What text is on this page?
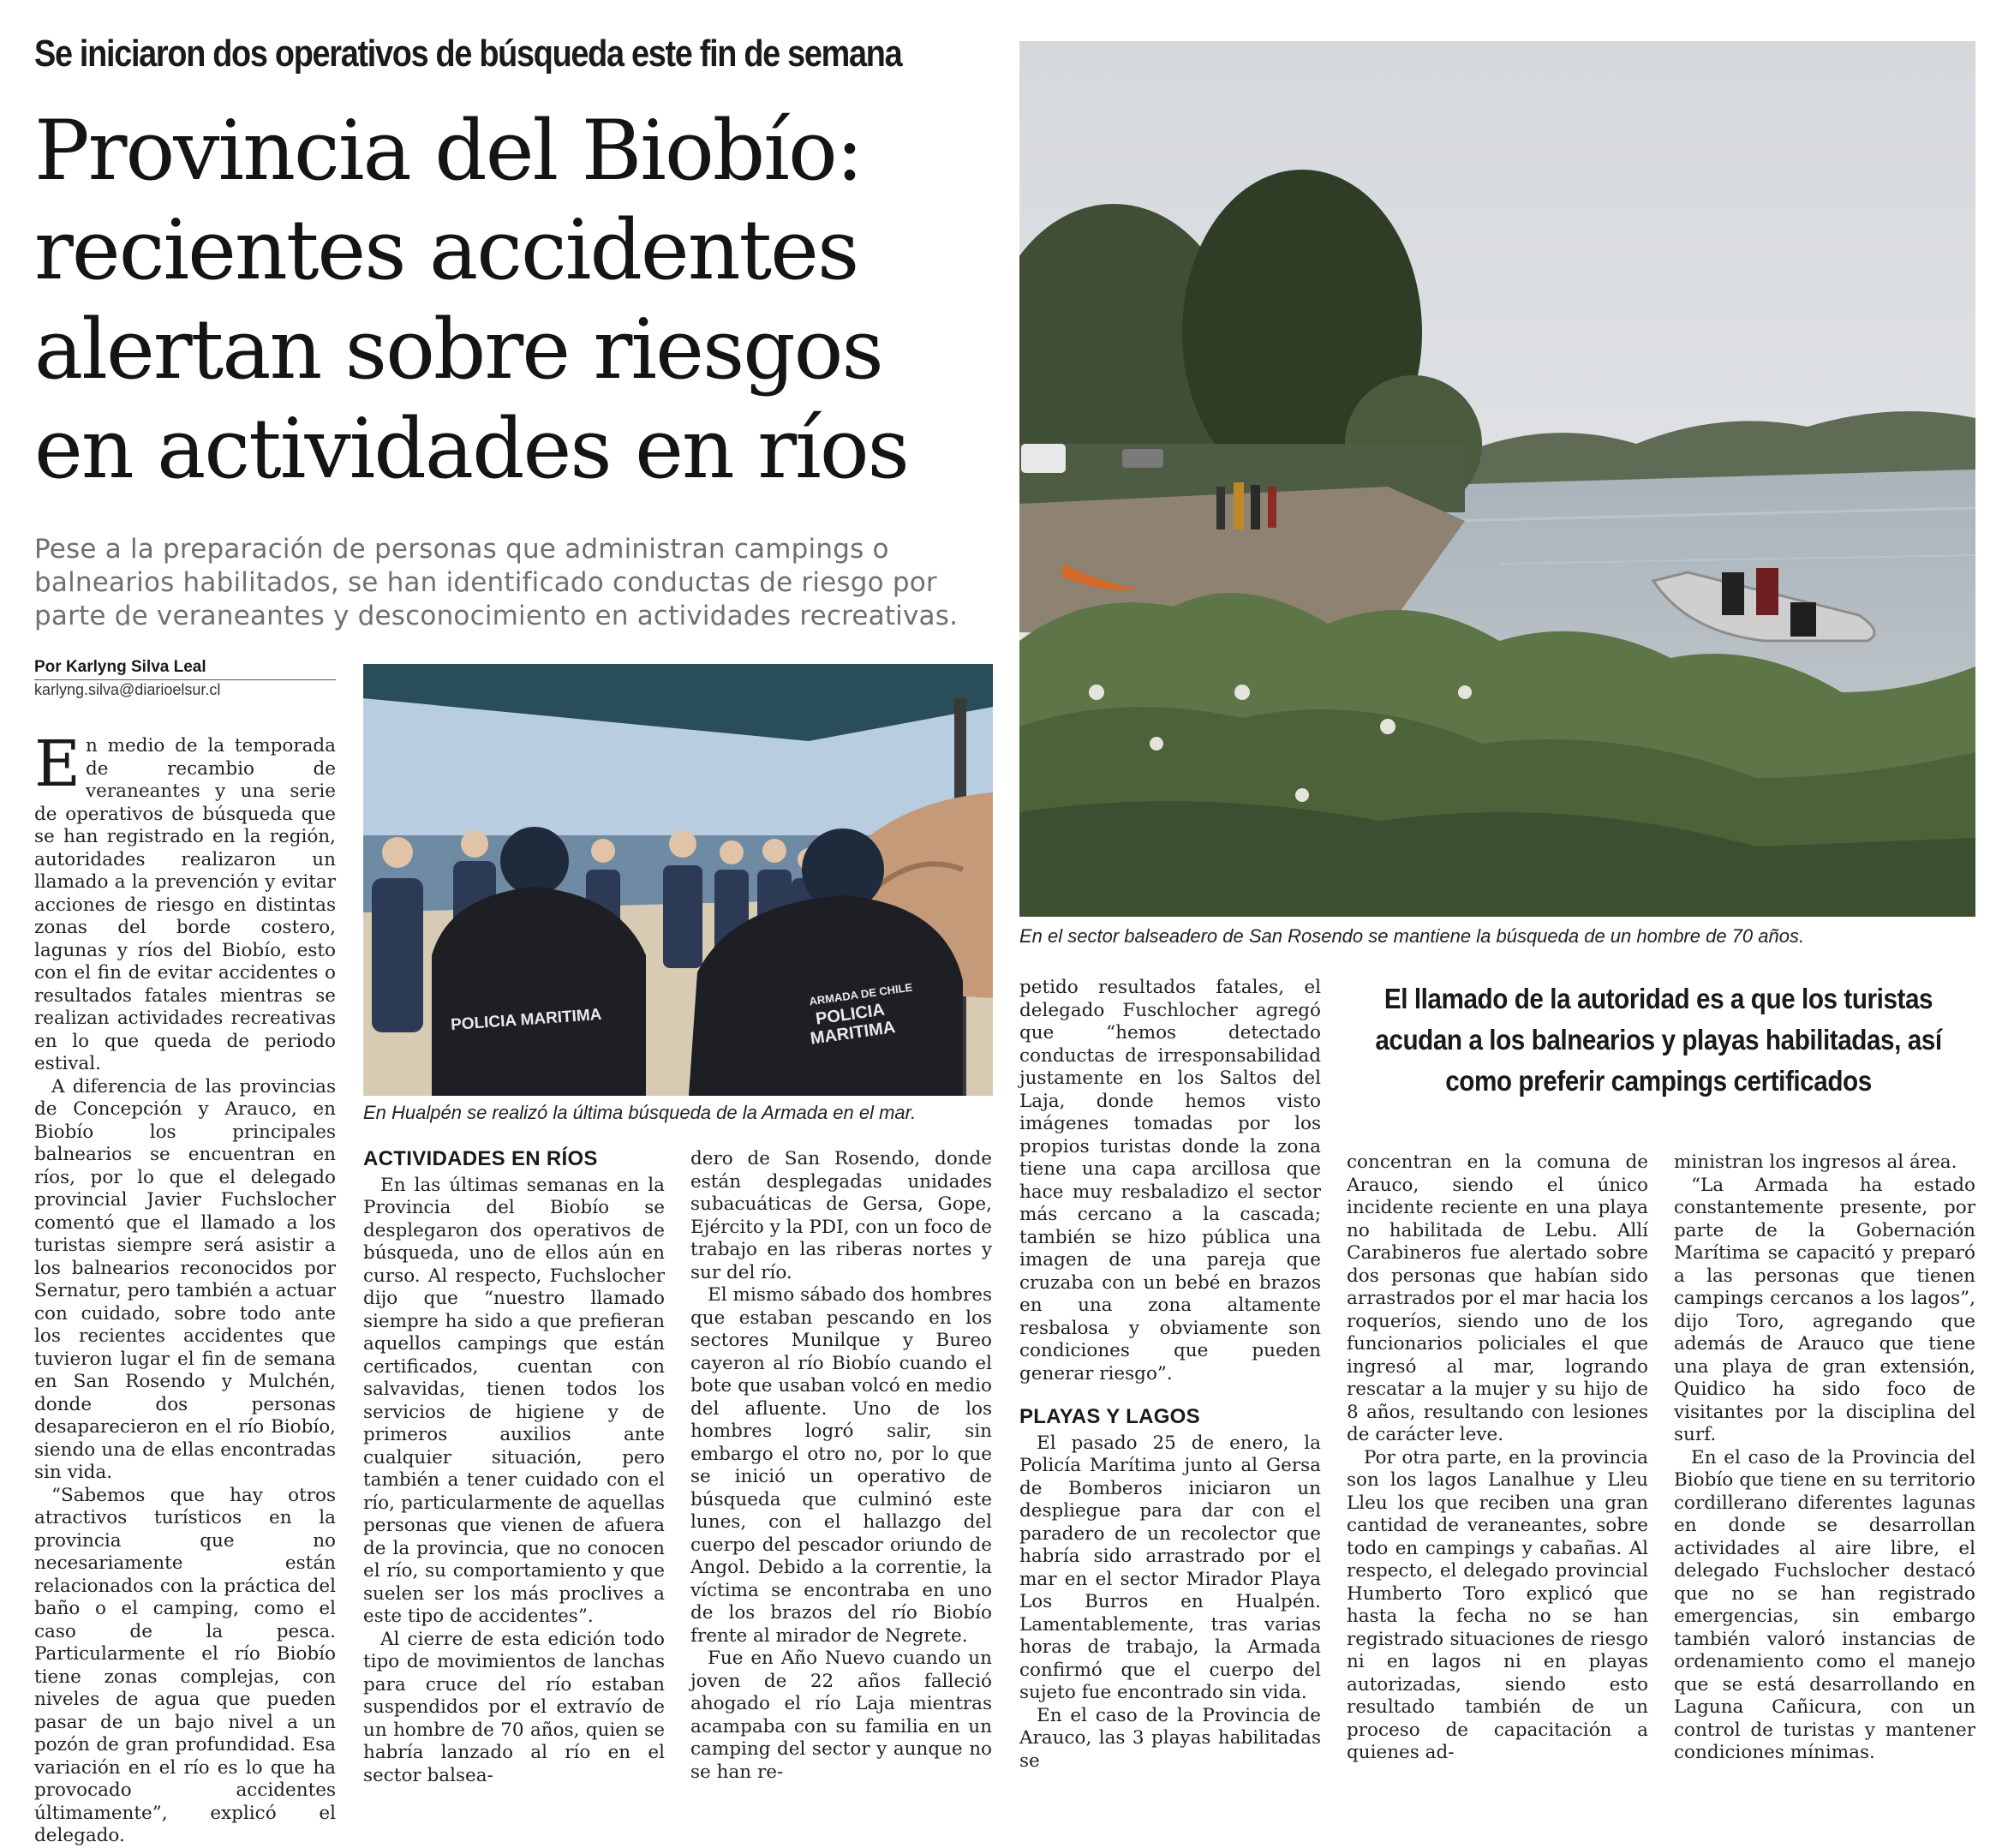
Se iniciaron dos operativos de búsqueda este fin de semana
Provincia del Biobío:
recientes accidentes
alertan sobre riesgos
en actividades en ríos
Pese a la preparación de personas que administran campings o balnearios habilitados, se han identificado conductas de riesgo por parte de veraneantes y desconocimiento en actividades recreativas.
Por Karlyng Silva Leal
karlyng.silva@diarioelsur.cl
En el sector balseadero de San Rosendo se mantiene la búsqueda de un hombre de 70 años.
POLICIA MARITIMA
ARMADA DE CHILE
POLICIA MARITIMA
En Hualpén se realizó la última búsqueda de la Armada en el mar.
El llamado de la autoridad es a que los turistas acudan a los balnearios y playas habilitadas, así como preferir campings certificados

En medio de la temporada de recambio de veraneantes y una serie de operativos de búsqueda que se han registrado en la región, autoridades realizaron un llamado a la prevención y evitar acciones de riesgo en distintas zonas del borde costero, lagunas y ríos del Biobío, esto con el fin de evitar accidentes o resultados fatales mientras se realizan actividades recreativas en lo que queda de periodo estival.

A diferencia de las provincias de Concepción y Arauco, en Biobío los principales balnearios se encuentran en ríos, por lo que el delegado provincial Javier Fuchslocher comentó que el llamado a los turistas siempre será asistir a los balnearios reconocidos por Sernatur, pero también a actuar con cuidado, sobre todo ante los recientes accidentes que tuvieron lugar el fin de semana en San Rosendo y Mulchén, donde dos personas desaparecieron en el río Biobío, siendo una de ellas encontradas sin vida.

“Sabemos que hay otros atractivos turísticos en la provincia que no necesariamente están relacionados con la práctica del baño o el camping, como el caso de la pesca. Particularmente el río Biobío tiene zonas complejas, con niveles de agua que pueden pasar de un bajo nivel a un pozón de gran profundidad. Esa variación en el río es lo que ha provocado accidentes últimamente”, explicó el delegado.

ACTIVIDADES EN RÍOS

En las últimas semanas en la Provincia del Biobío se desplegaron dos operativos de búsqueda, uno de ellos aún en curso. Al respecto, Fuchslocher dijo que “nuestro llamado siempre ha sido a que prefieran aquellos campings que están certificados, cuentan con salvavidas, tienen todos los servicios de higiene y de primeros auxilios ante cualquier situación, pero también a tener cuidado con el río, particularmente de aquellas personas que vienen de afuera de la provincia, que no conocen el río, su comportamiento y que suelen ser los más proclives a este tipo de accidentes”.

Al cierre de esta edición todo tipo de movimientos de lanchas para cruce del río estaban suspendidos por el extravío de un hombre de 70 años, quien se habría lanzado al río en el sector balsea-

dero de San Rosendo, donde están desplegadas unidades subacuáticas de Gersa, Gope, Ejército y la PDI, con un foco de trabajo en las riberas nortes y sur del río.

El mismo sábado dos hombres que estaban pescando en los sectores Munilque y Bureo cayeron al río Biobío cuando el bote que usaban volcó en medio del afluente. Uno de los hombres logró salir, sin embargo el otro no, por lo que se inició un operativo de búsqueda que culminó este lunes, con el hallazgo del cuerpo del pescador oriundo de Angol. Debido a la correntie, la víctima se encontraba en uno de los brazos del río Biobío frente al mirador de Negrete.

Fue en Año Nuevo cuando un joven de 22 años falleció ahogado el río Laja mientras acampaba con su familia en un camping del sector y aunque no se han re-

petido resultados fatales, el delegado Fuschlocher agregó que “hemos detectado conductas de irresponsabilidad justamente en los Saltos del Laja, donde hemos visto imágenes tomadas por los propios turistas donde la zona tiene una capa arcillosa que hace muy resbaladizo el sector más cercano a la cascada; también se hizo pública una imagen de una pareja que cruzaba con un bebé en brazos en una zona altamente resbalosa y obviamente son condiciones que pueden generar riesgo”.

PLAYAS Y LAGOS

El pasado 25 de enero, la Policía Marítima junto al Gersa de Bomberos iniciaron un despliegue para dar con el paradero de un recolector que habría sido arrastrado por el mar en el sector Mirador Playa Los Burros en Hualpén. Lamentablemente, tras varias horas de trabajo, la Armada confirmó que el cuerpo del sujeto fue encontrado sin vida.

En el caso de la Provincia de Arauco, las 3 playas habilitadas se

concentran en la comuna de Arauco, siendo el único incidente reciente en una playa no habilitada de Lebu. Allí Carabineros fue alertado sobre dos personas que habían sido arrastrados por el mar hacia los roqueríos, siendo uno de los funcionarios policiales el que ingresó al mar, logrando rescatar a la mujer y su hijo de 8 años, resultando con lesiones de carácter leve.

Por otra parte, en la provincia son los lagos Lanalhue y Lleu Lleu los que reciben una gran cantidad de veraneantes, sobre todo en campings y cabañas. Al respecto, el delegado provincial Humberto Toro explicó que hasta la fecha no se han registrado situaciones de riesgo ni en lagos ni en playas autorizadas, siendo esto resultado también de un proceso de capacitación a quienes ad-

ministran los ingresos al área.

“La Armada ha estado constantemente presente, por parte de la Gobernación Marítima se capacitó y preparó a las personas que tienen campings cercanos a los lagos”, dijo Toro, agregando que además de Arauco que tiene una playa de gran extensión, Quidico ha sido foco de visitantes por la disciplina del surf.

En el caso de la Provincia del Biobío que tiene en su territorio cordillerano diferentes lagunas en donde se desarrollan actividades al aire libre, el delegado Fuchslocher destacó que no se han registrado emergencias, sin embargo también valoró instancias de ordenamiento como el manejo que se está desarrollando en Laguna Cañicura, con un control de turistas y mantener condiciones mínimas.
